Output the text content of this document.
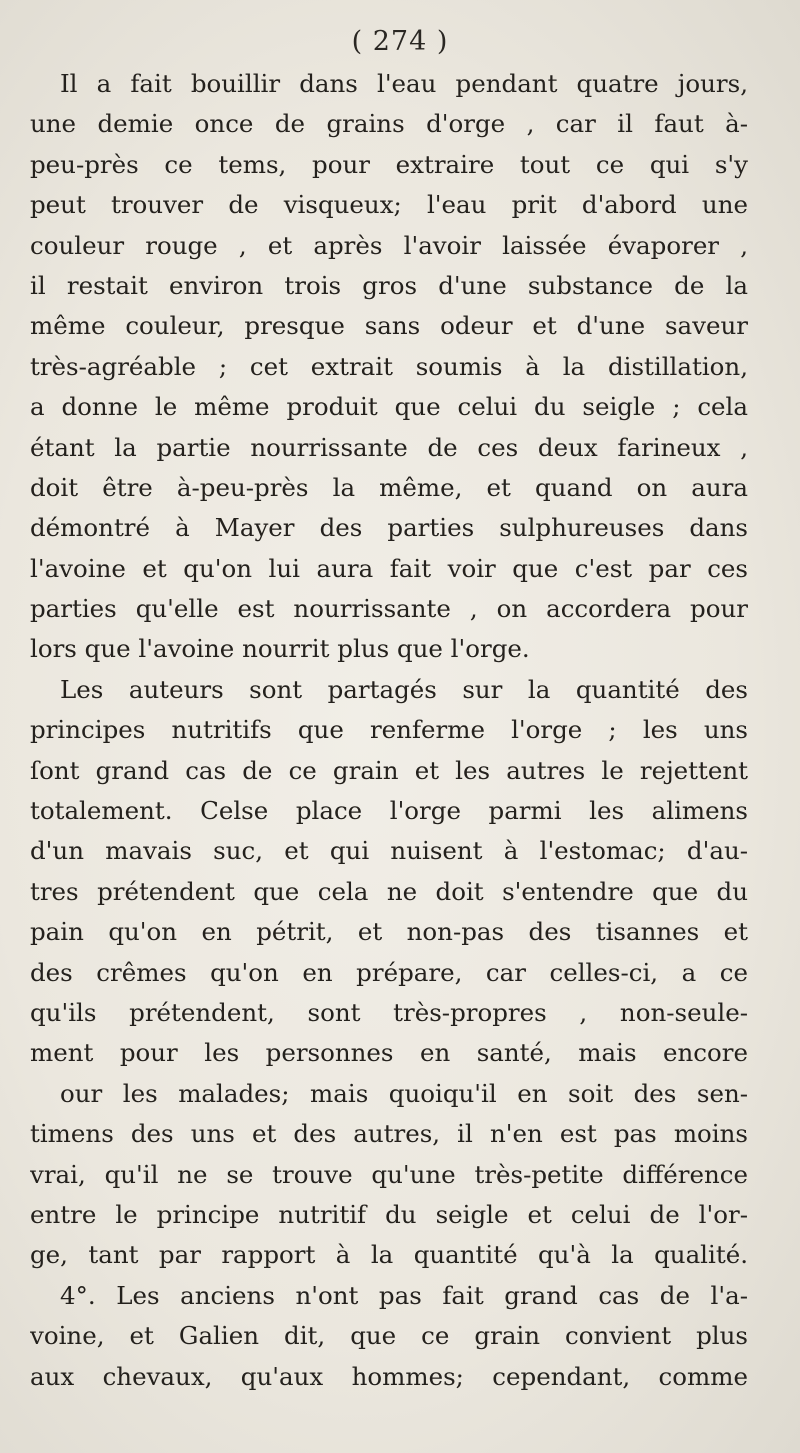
( 274 )
Il a fait bouillir dans l'eau pendant quatre jours,
une demie once de grains d'orge , car il faut à-
peu-près ce tems, pour extraire tout ce qui s'y
peut trouver de visqueux; l'eau prit d'abord une
couleur rouge , et après l'avoir laissée évaporer ,
il restait environ trois gros d'une substance de la
même couleur, presque sans odeur et d'une saveur
très-agréable ; cet extrait soumis à la distillation,
a donne le même produit que celui du seigle ; cela
étant la partie nourrissante de ces deux farineux ,
doit être à-peu-près la même, et quand on aura
démontré à Mayer des parties sulphureuses dans
l'avoine et qu'on lui aura fait voir que c'est par ces
parties qu'elle est nourrissante , on accordera pour
lors que l'avoine nourrit plus que l'orge.
Les auteurs sont partagés sur la quantité des
principes nutritifs que renferme l'orge ; les uns
ſont grand cas de ce grain et les autres le rejettent
totalement. Celse place l'orge parmi les alimens
d'un mavais suc, et qui nuisent à l'estomac; d'au-
tres prétendent que cela ne doit s'entendre que du
pain qu'on en pétrit, et non-pas des tisannes et
des crêmes qu'on en prépare, car celles-ci, a ce
qu'ils prétendent, sont très-propres , non-seule-
ment pour les personnes en santé, mais encore
our les malades; mais quoiqu'il en soit des sen-
timens des uns et des autres, il n'en est pas moins
vrai, qu'il ne se trouve qu'une très-petite différence
entre le principe nutritif du seigle et celui de l'or-
ge, tant par rapport à la quantité qu'à la qualité.
4°. Les anciens n'ont pas fait grand cas de l'a-
voine, et Galien dit, que ce grain convient plus
aux chevaux, qu'aux hommes; cependant, comme
